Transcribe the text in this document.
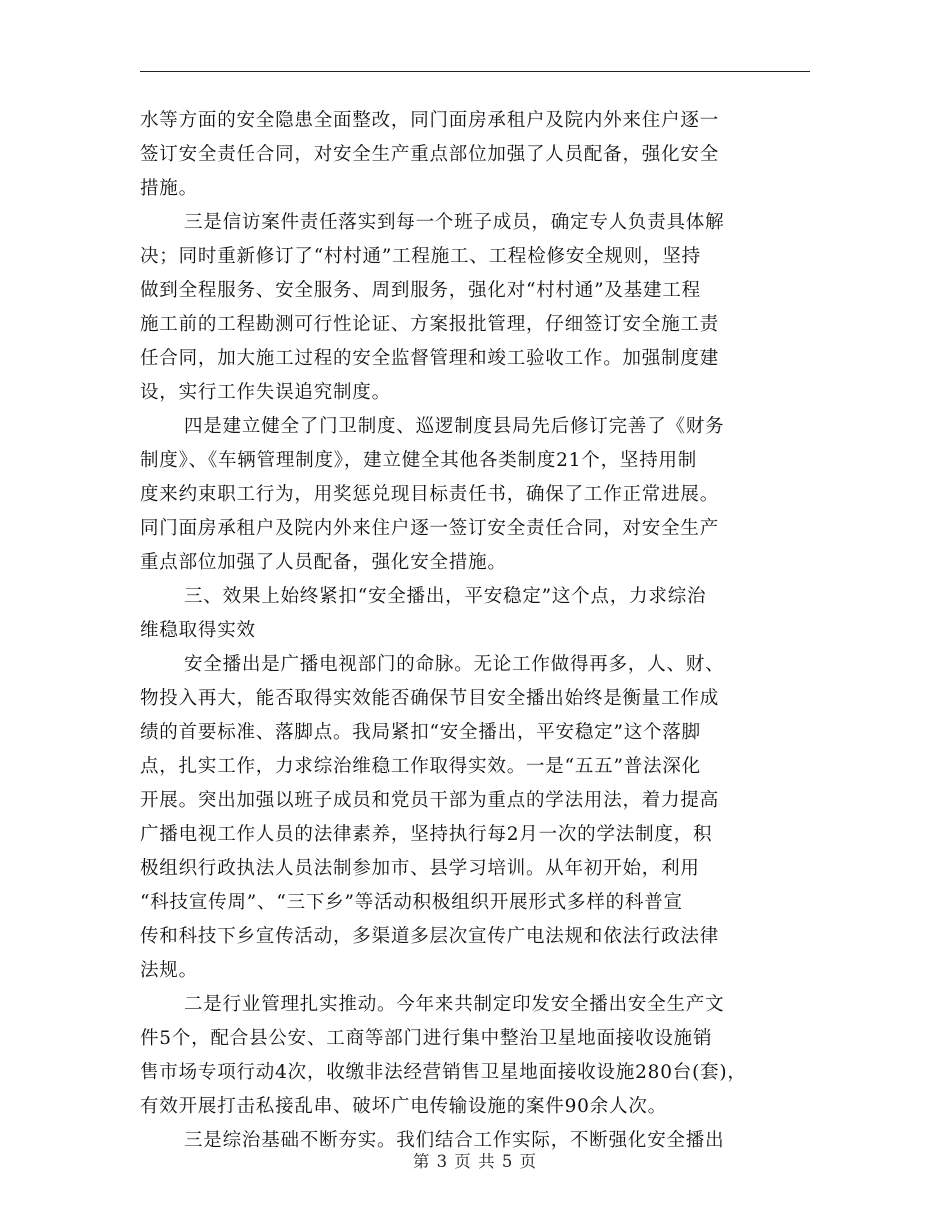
水等方面的安全隐患全面整改，同门面房承租户及院内外来住户逐一
签订安全责任合同，对安全生产重点部位加强了人员配备，强化安全
措施。
三是信访案件责任落实到每一个班子成员，确定专人负责具体解
决；同时重新修订了“村村通”工程施工、工程检修安全规则，坚持
做到全程服务、安全服务、周到服务，强化对“村村通”及基建工程
施工前的工程勘测可行性论证、方案报批管理，仔细签订安全施工责
任合同，加大施工过程的安全监督管理和竣工验收工作。加强制度建
设，实行工作失误追究制度。
四是建立健全了门卫制度、巡逻制度县局先后修订完善了《财务
制度》、《车辆管理制度》，建立健全其他各类制度21个，坚持用制
度来约束职工行为，用奖惩兑现目标责任书，确保了工作正常进展。
同门面房承租户及院内外来住户逐一签订安全责任合同，对安全生产
重点部位加强了人员配备，强化安全措施。
三、效果上始终紧扣“安全播出，平安稳定”这个点，力求综治
维稳取得实效
安全播出是广播电视部门的命脉。无论工作做得再多，人、财、
物投入再大，能否取得实效能否确保节目安全播出始终是衡量工作成
绩的首要标准、落脚点。我局紧扣“安全播出，平安稳定”这个落脚
点，扎实工作，力求综治维稳工作取得实效。一是“五五”普法深化
开展。突出加强以班子成员和党员干部为重点的学法用法，着力提高
广播电视工作人员的法律素养，坚持执行每2月一次的学法制度，积
极组织行政执法人员法制参加市、县学习培训。从年初开始，利用
“科技宣传周”、“三下乡”等活动积极组织开展形式多样的科普宣
传和科技下乡宣传活动，多渠道多层次宣传广电法规和依法行政法律
法规。
二是行业管理扎实推动。今年来共制定印发安全播出安全生产文
件5个，配合县公安、工商等部门进行集中整治卫星地面接收设施销
售市场专项行动4次，收缴非法经营销售卫星地面接收设施280台(套)，
有效开展打击私接乱串、破坏广电传输设施的案件90余人次。
三是综治基础不断夯实。我们结合工作实际，不断强化安全播出
第 3 页 共 5 页
